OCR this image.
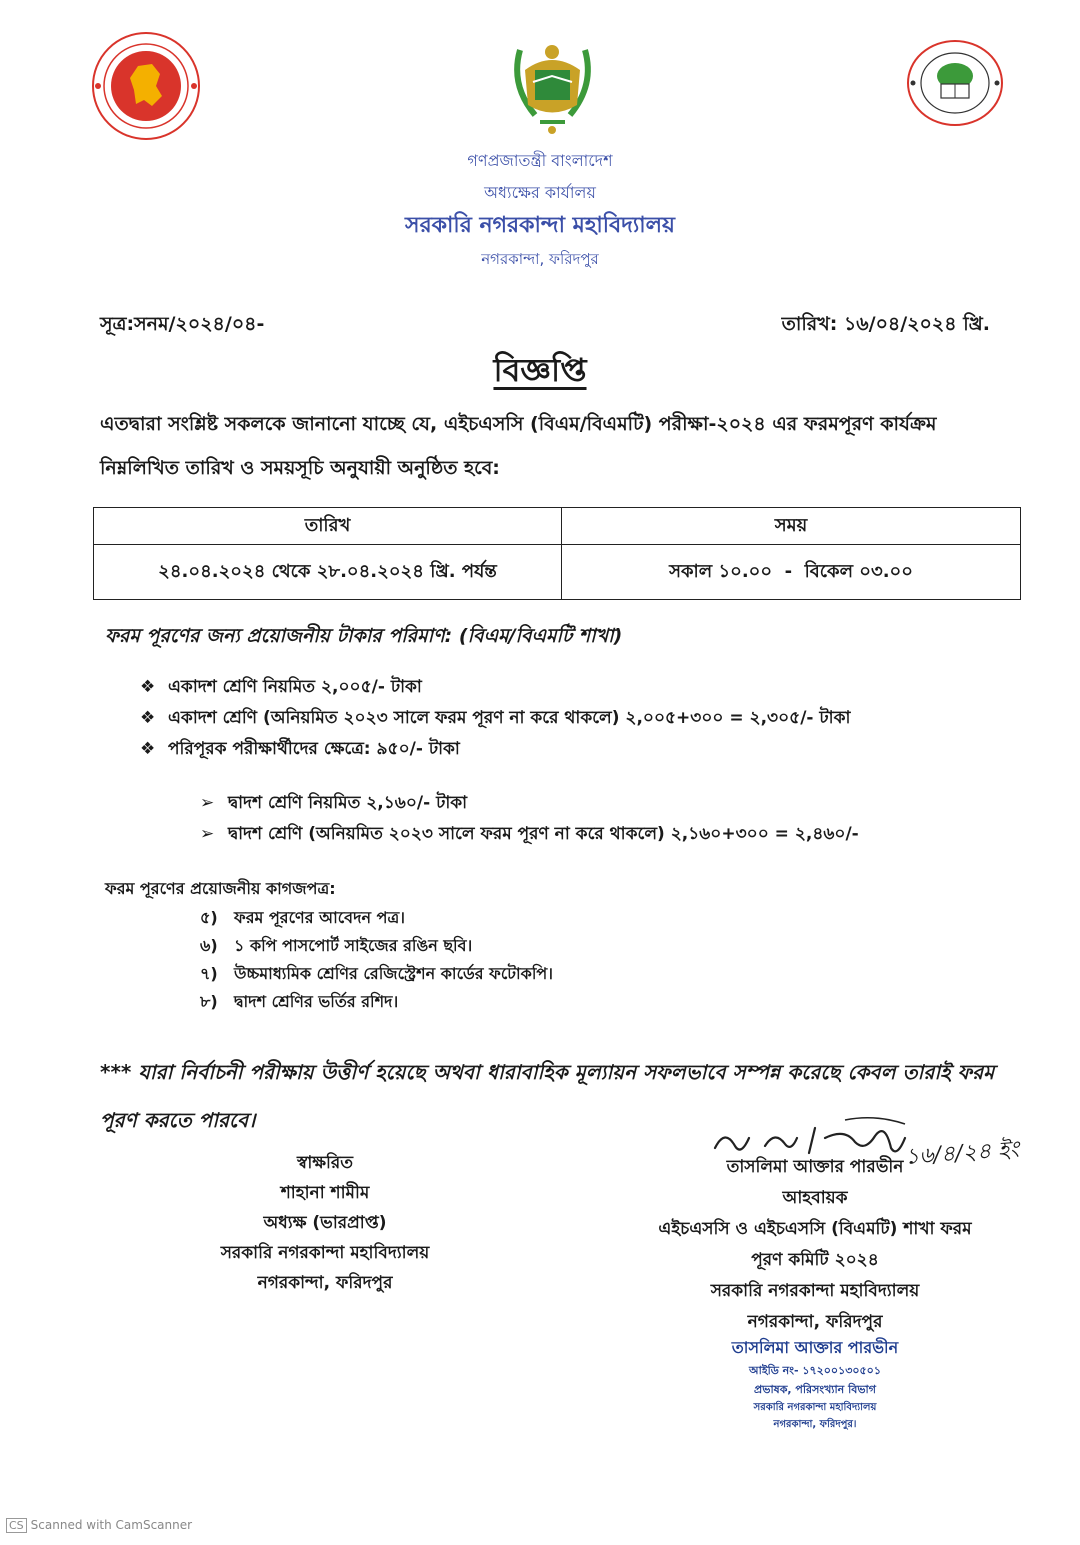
গণপ্রজাতন্ত্রী বাংলাদেশ
অধ্যক্ষের কার্যালয়
সরকারি নগরকান্দা মহাবিদ্যালয়
নগরকান্দা, ফরিদপুর
সূত্র:সনম/২০২৪/০৪-	তারিখ: ১৬/০৪/২০২৪ খ্রি.
বিজ্ঞপ্তি
এতদ্বারা সংশ্লিষ্ট সকলকে জানানো যাচ্ছে যে, এইচএসসি (বিএম/বিএমটি) পরীক্ষা-২০২৪ এর ফরমপূরণ কার্যক্রম নিম্নলিখিত তারিখ ও সময়সূচি অনুযায়ী অনুষ্ঠিত হবে:
তারিখ	সময়
২৪.০৪.২০২৪ থেকে ২৮.০৪.২০২৪ খ্রি. পর্যন্ত	সকাল ১০.০০  -  বিকেল ০৩.০০
ফরম পূরণের জন্য প্রয়োজনীয় টাকার পরিমাণ: (বিএম/বিএমটি শাখা)
❖ একাদশ শ্রেণি নিয়মিত ২,০০৫/- টাকা
❖ একাদশ শ্রেণি (অনিয়মিত ২০২৩ সালে ফরম পূরণ না করে থাকলে) ২,০০৫+৩০০ = ২,৩০৫/- টাকা
❖ পরিপূরক পরীক্ষার্থীদের ক্ষেত্রে: ৯৫০/- টাকা
➢ দ্বাদশ শ্রেণি নিয়মিত ২,১৬০/- টাকা
➢ দ্বাদশ শ্রেণি (অনিয়মিত ২০২৩ সালে ফরম পূরণ না করে থাকলে) ২,১৬০+৩০০ = ২,৪৬০/-
ফরম পূরণের প্রয়োজনীয় কাগজপত্র:
৫) ফরম পূরণের আবেদন পত্র।
৬) ১ কপি পাসপোর্ট সাইজের রঙিন ছবি।
৭) উচ্চমাধ্যমিক শ্রেণির রেজিস্ট্রেশন কার্ডের ফটোকপি।
৮) দ্বাদশ শ্রেণির ভর্তির রশিদ।
*** যারা নির্বাচনী পরীক্ষায় উত্তীর্ণ হয়েছে অথবা ধারাবাহিক মূল্যায়ন সফলভাবে সম্পন্ন করেছে কেবল তারাই ফরম পূরণ করতে পারবে।
স্বাক্ষরিত
শাহানা শামীম
অধ্যক্ষ (ভারপ্রাপ্ত)
সরকারি নগরকান্দা মহাবিদ্যালয়
নগরকান্দা, ফরিদপুর
১৬/৪/২৪ ইং
তাসলিমা আক্তার পারভীন
আহবায়ক
এইচএসসি ও এইচএসসি (বিএমটি) শাখা ফরম
পূরণ কমিটি ২০২৪
সরকারি নগরকান্দা মহাবিদ্যালয়
নগরকান্দা, ফরিদপুর
তাসলিমা আক্তার পারভীন
আইডি নং- ১৭২০০১৩০৫০১
প্রভাষক, পরিসংখ্যান বিভাগ
সরকারি নগরকান্দা মহাবিদ্যালয়
নগরকান্দা, ফরিদপুর।
CS Scanned with CamScanner
